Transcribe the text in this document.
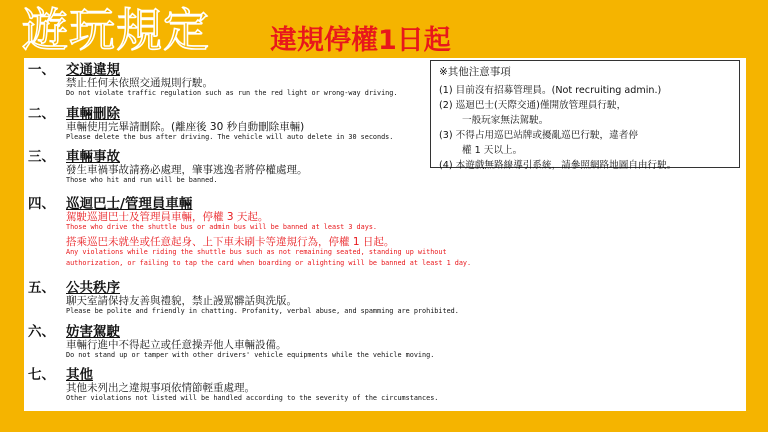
遊玩規定 違規停權1日起
一、 交通違規
禁止任何未依照交通規則行駛。
Do not violate traffic regulation such as run the red light or wrong-way driving.
二、 車輛刪除
車輛使用完畢請刪除。(離座後 30 秒自動刪除車輛)
Please delete the bus after driving. The vehicle will auto delete in 30 seconds.
三、 車輛事故
發生車禍事故請務必處理，肇事逃逸者將停權處理。
Those who hit and run will be banned.
四、 巡迴巴士/管理員車輛
駕駛巡迴巴士及管理員車輛，停權 3 天起。
Those who drive the shuttle bus or admin bus will be banned at least 3 days.
搭乘巡巴未就坐或任意起身、上下車未刷卡等違規行為，停權 1 日起。
Any violations while riding the shuttle bus such as not remaining seated, standing up without
authorization, or failing to tap the card when boarding or alighting will be banned at least 1 day.
五、 公共秩序
聊天室請保持友善與禮貌，禁止謾罵髒話與洗版。
Please be polite and friendly in chatting. Profanity, verbal abuse, and spamming are prohibited.
六、 妨害駕駛
車輛行進中不得起立或任意操弄他人車輛設備。
Do not stand up or tamper with other drivers' vehicle equipments while the vehicle moving.
七、 其他
其他未列出之違規事項依情節輕重處理。
Other violations not listed will be handled according to the severity of the circumstances.
※其他注意事項
(1) 目前沒有招募管理員。(Not recruiting admin.)
(2) 巡迴巴士(天際交通)僅開放管理員行駛，
一般玩家無法駕駛。
(3) 不得占用巡巴站牌或擾亂巡巴行駛，違者停
權 1 天以上。
(4) 本遊戲無路線導引系統，請參照網路地圖自由行駛。
